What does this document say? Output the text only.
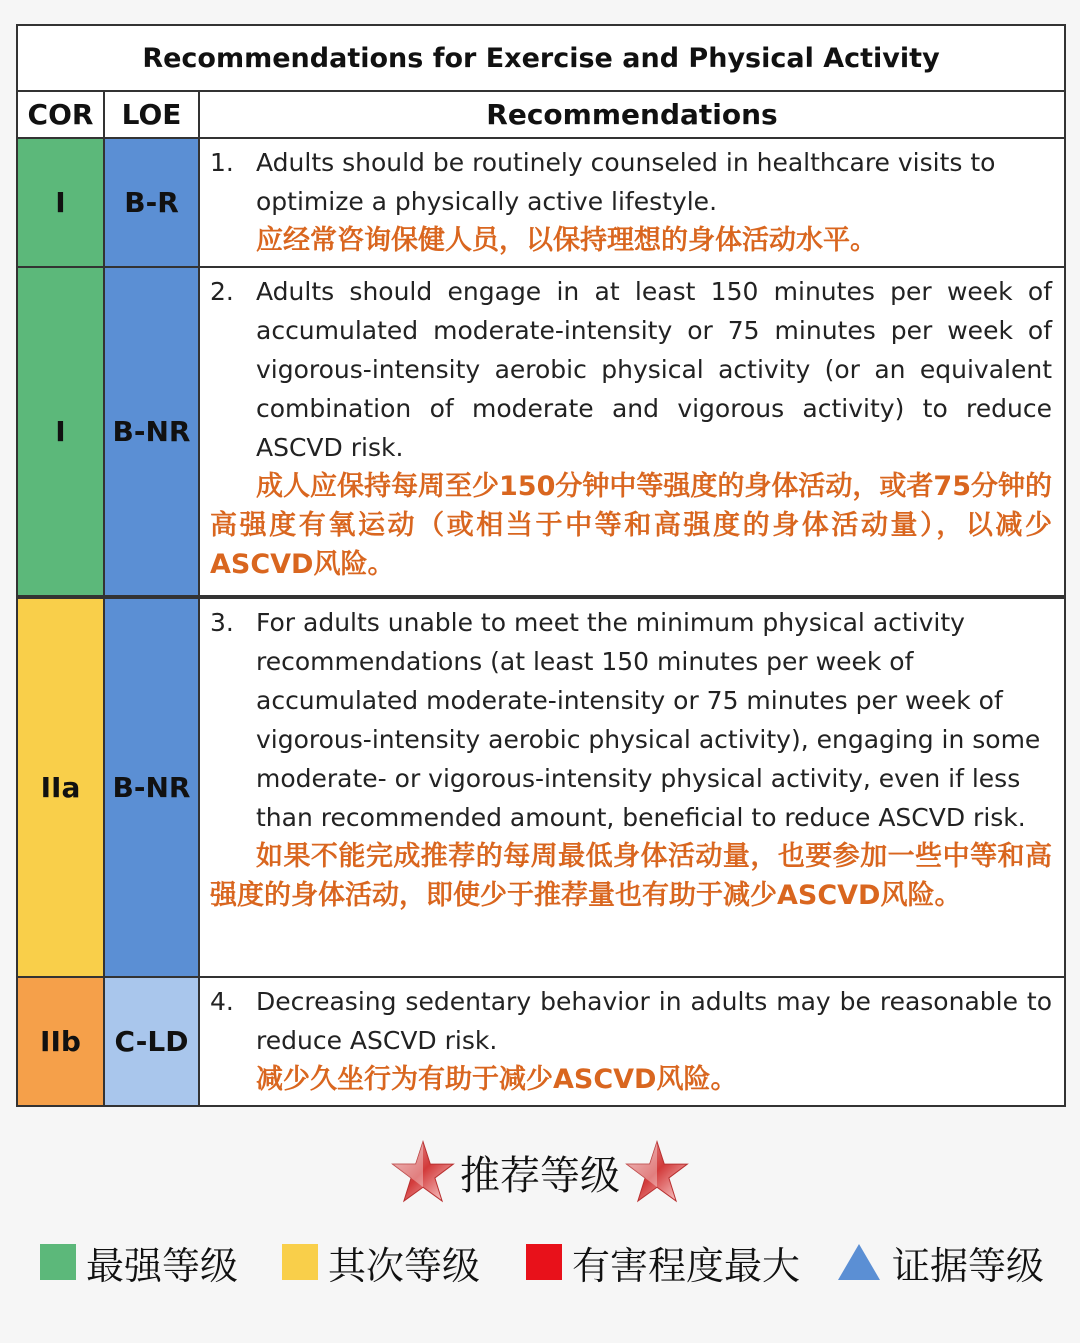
Recommendations for Exercise and Physical Activity		
COR	LOE	Recommendations
I	B-R	1. Adults should be routinely counseled in healthcare visits to optimize a physically active lifestyle.
应经常咨询保健人员，以保持理想的身体活动水平。

I	B-NR	2. Adults should engage in at least 150 minutes per week of accumulated moderate-intensity or 75 minutes per week of vigorous-intensity aerobic physical activity (or an equivalent combination of moderate and vigorous activity) to reduce ASCVD risk.
成人应保持每周至少150分钟中等强度的身体活动，或者75分钟的高强度有氧运动（或相当于中等和高强度的身体活动量），以减少ASCVD风险。

IIa	B-NR	3. For adults unable to meet the minimum physical activity recommendations (at least 150 minutes per week of accumulated moderate-intensity or 75 minutes per week of vigorous-intensity aerobic physical activity), engaging in some moderate- or vigorous-intensity physical activity, even if less than recommended amount, beneficial to reduce ASCVD risk.
如果不能完成推荐的每周最低身体活动量，也要参加一些中等和高强度的身体活动，即使少于推荐量也有助于减少ASCVD风险。

IIb	C-LD	4. Decreasing sedentary behavior in adults may be reasonable to reduce ASCVD risk.
减少久坐行为有助于减少ASCVD风险。
推荐等级
最强等级 其次等级 有害程度最大 证据等级
